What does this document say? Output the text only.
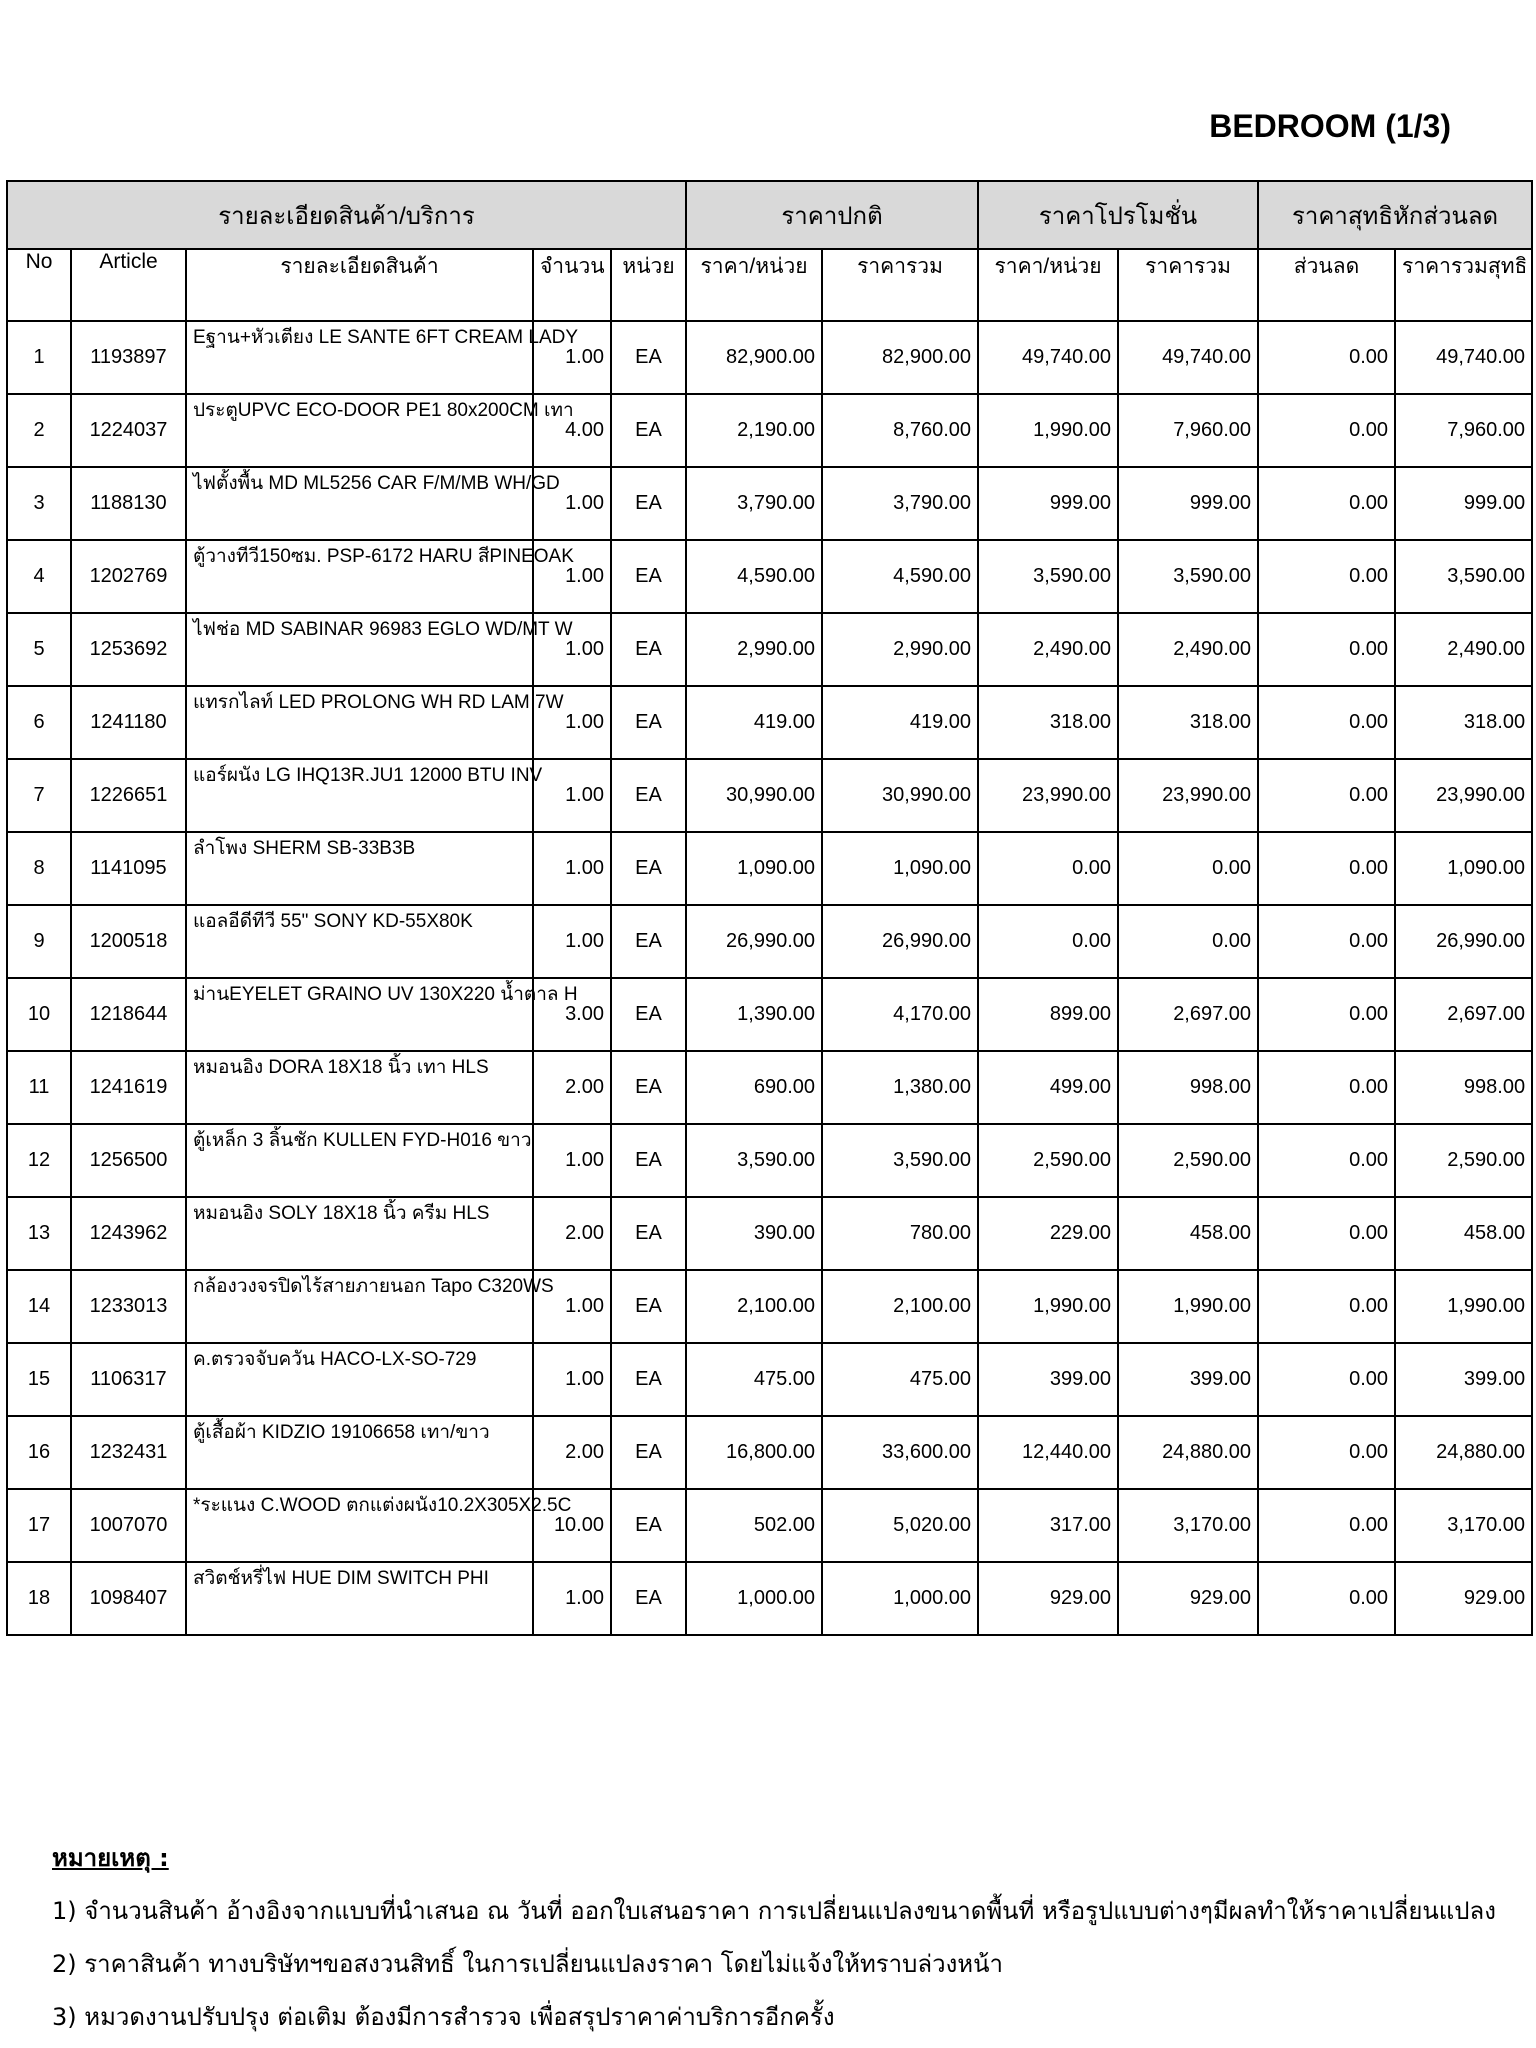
BEDROOM (1/3)
รายละเอียดสินค้า/บริการ					ราคาปกติ		ราคาโปรโมชั่น		ราคาสุทธิหักส่วนลด	
No	Article	รายละเอียดสินค้า	จำนวน	หน่วย	ราคา/หน่วย	ราคารวม	ราคา/หน่วย	ราคารวม	ส่วนลด	ราคารวมสุทธิ
1	1193897	Eฐาน+หัวเตียง LE SANTE 6FT CREAM LADY	1.00	EA	82,900.00	82,900.00	49,740.00	49,740.00	0.00	49,740.00
2	1224037	ประตูUPVC ECO-DOOR PE1 80x200CM เทา	4.00	EA	2,190.00	8,760.00	1,990.00	7,960.00	0.00	7,960.00
3	1188130	ไฟตั้งพื้น MD ML5256 CAR F/M/MB WH/GD	1.00	EA	3,790.00	3,790.00	999.00	999.00	0.00	999.00
4	1202769	ตู้วางทีวี150ซม. PSP-6172 HARU สีPINEOAK	1.00	EA	4,590.00	4,590.00	3,590.00	3,590.00	0.00	3,590.00
5	1253692	ไฟช่อ MD SABINAR 96983 EGLO WD/MT W	1.00	EA	2,990.00	2,990.00	2,490.00	2,490.00	0.00	2,490.00
6	1241180	แทรกไลท์ LED PROLONG WH RD LAM 7W	1.00	EA	419.00	419.00	318.00	318.00	0.00	318.00
7	1226651	แอร์ผนัง LG IHQ13R.JU1 12000 BTU INV	1.00	EA	30,990.00	30,990.00	23,990.00	23,990.00	0.00	23,990.00
8	1141095	ลำโพง SHERM SB-33B3B	1.00	EA	1,090.00	1,090.00	0.00	0.00	0.00	1,090.00
9	1200518	แอลอีดีทีวี 55" SONY KD-55X80K	1.00	EA	26,990.00	26,990.00	0.00	0.00	0.00	26,990.00
10	1218644	ม่านEYELET GRAINO UV 130X220 น้ำตาล H	3.00	EA	1,390.00	4,170.00	899.00	2,697.00	0.00	2,697.00
11	1241619	หมอนอิง DORA 18X18 นิ้ว เทา HLS	2.00	EA	690.00	1,380.00	499.00	998.00	0.00	998.00
12	1256500	ตู้เหล็ก 3 ลิ้นชัก KULLEN FYD-H016 ขาว	1.00	EA	3,590.00	3,590.00	2,590.00	2,590.00	0.00	2,590.00
13	1243962	หมอนอิง SOLY 18X18 นิ้ว ครีม HLS	2.00	EA	390.00	780.00	229.00	458.00	0.00	458.00
14	1233013	กล้องวงจรปิดไร้สายภายนอก Tapo C320WS	1.00	EA	2,100.00	2,100.00	1,990.00	1,990.00	0.00	1,990.00
15	1106317	ค.ตรวจจับควัน HACO-LX-SO-729	1.00	EA	475.00	475.00	399.00	399.00	0.00	399.00
16	1232431	ตู้เสื้อผ้า KIDZIO 19106658 เทา/ขาว	2.00	EA	16,800.00	33,600.00	12,440.00	24,880.00	0.00	24,880.00
17	1007070	*ระแนง C.WOOD ตกแต่งผนัง10.2X305X2.5C	10.00	EA	502.00	5,020.00	317.00	3,170.00	0.00	3,170.00
18	1098407	สวิตช์หรี่ไฟ HUE DIM SWITCH PHI	1.00	EA	1,000.00	1,000.00	929.00	929.00	0.00	929.00
หมายเหตุ :
1) จำนวนสินค้า อ้างอิงจากแบบที่นำเสนอ ณ วันที่ ออกใบเสนอราคา การเปลี่ยนแปลงขนาดพื้นที่ หรือรูปแบบต่างๆมีผลทำให้ราคาเปลี่ยนแปลง
2) ราคาสินค้า ทางบริษัทฯขอสงวนสิทธิ์ ในการเปลี่ยนแปลงราคา โดยไม่แจ้งให้ทราบล่วงหน้า
3) หมวดงานปรับปรุง ต่อเติม ต้องมีการสำรวจ เพื่อสรุปราคาค่าบริการอีกครั้ง
